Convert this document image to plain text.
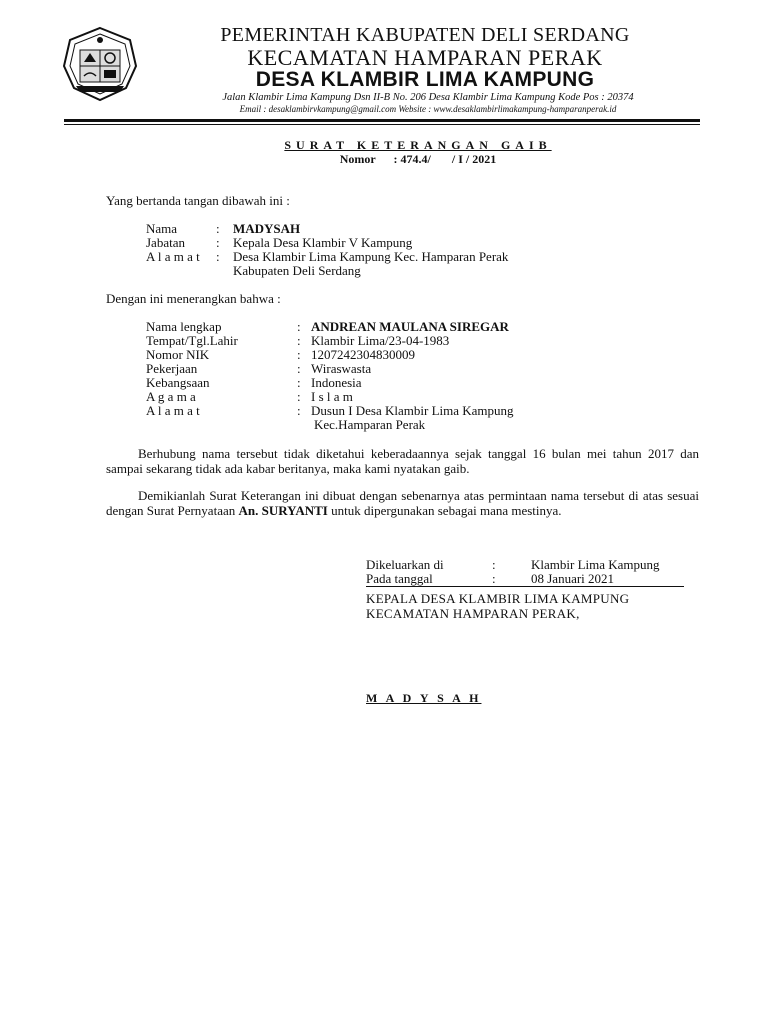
PEMERINTAH KABUPATEN DELI SERDANG
KECAMATAN HAMPARAN PERAK
DESA KLAMBIR LIMA KAMPUNG
Jalan Klambir Lima Kampung Dsn II-B No. 206 Desa Klambir Lima Kampung Kode Pos : 20374
Email : desaklambirvkampung@gmail.com Website : www.desaklambirlimakampung-hamparanperak.id
SURAT KETERANGAN GAIB
Nomor      : 474.4/       / I / 2021
Yang bertanda tangan dibawah ini :
Nama	: MADYSAH
Jabatan : Kepala Desa Klambir V Kampung
A l a m a t : Desa Klambir Lima Kampung Kec. Hamparan Perak
Kabupaten Deli Serdang
Dengan ini menerangkan bahwa :
Nama lengkap	: ANDREAN MAULANA SIREGAR
Tempat/Tgl.Lahir	: Klambir Lima/23-04-1983
Nomor NIK	: 1207242304830009
Pekerjaan	: Wiraswasta
Kebangsaan	: Indonesia
A g a m a	: I s l a m
A l a m a t	: Dusun I Desa Klambir Lima Kampung
Kec.Hamparan Perak
Berhubung nama tersebut tidak diketahui keberadaannya sejak tanggal 16 bulan mei tahun 2017 dan sampai sekarang tidak ada kabar beritanya, maka kami nyatakan gaib.
Demikianlah Surat Keterangan ini dibuat dengan sebenarnya atas permintaan nama tersebut di atas sesuai dengan Surat Pernyataan An. SURYANTI untuk dipergunakan sebagai mana mestinya.
Dikeluarkan di	:	Klambir Lima Kampung
Pada tanggal	:	08 Januari 2021
KEPALA DESA KLAMBIR LIMA KAMPUNG
KECAMATAN HAMPARAN PERAK,
M A D Y S A H
